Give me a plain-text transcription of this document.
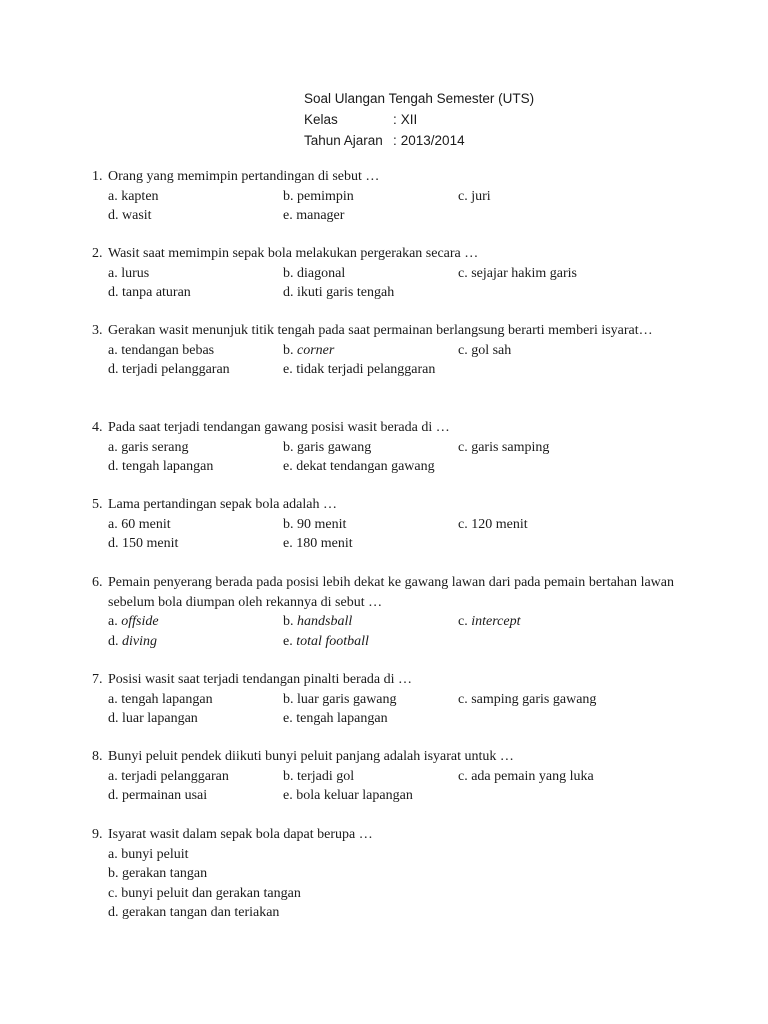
Soal Ulangan Tengah Semester (UTS)
Kelas	: XII
Tahun Ajaran : 2013/2014
1. Orang yang memimpin pertandingan di sebut …
a. kapten	b. pemimpin	c. juri
d. wasit	e. manager
2. Wasit saat memimpin sepak bola melakukan pergerakan secara …
a. lurus	b. diagonal	c. sejajar hakim garis
d. tanpa aturan	d. ikuti garis tengah
3. Gerakan wasit menunjuk titik tengah pada saat permainan berlangsung berarti memberi isyarat…
a. tendangan bebas	b. corner	c. gol sah
d. terjadi pelanggaran	e. tidak terjadi pelanggaran
4. Pada saat terjadi tendangan gawang posisi wasit berada di …
a. garis serang	b. garis gawang	c. garis samping
d. tengah lapangan	e. dekat tendangan gawang
5. Lama pertandingan sepak bola adalah …
a. 60 menit	b. 90 menit	c. 120 menit
d. 150 menit	e. 180 menit
6. Pemain penyerang berada pada posisi lebih dekat ke gawang lawan dari pada pemain bertahan lawan sebelum bola diumpan oleh rekannya di sebut …
a. offside	b. handsball	c. intercept
d. diving	e. total football
7. Posisi wasit saat terjadi tendangan pinalti berada di …
a. tengah lapangan	b. luar garis gawang	c. samping garis gawang
d. luar lapangan	e. tengah lapangan
8. Bunyi peluit pendek diikuti bunyi peluit panjang adalah isyarat untuk …
a. terjadi pelanggaran	b. terjadi gol	c. ada pemain yang luka
d. permainan usai	e. bola keluar lapangan
9. Isyarat wasit dalam sepak bola dapat berupa …
a. bunyi peluit
b. gerakan tangan
c. bunyi peluit dan gerakan tangan
d. gerakan tangan dan teriakan
